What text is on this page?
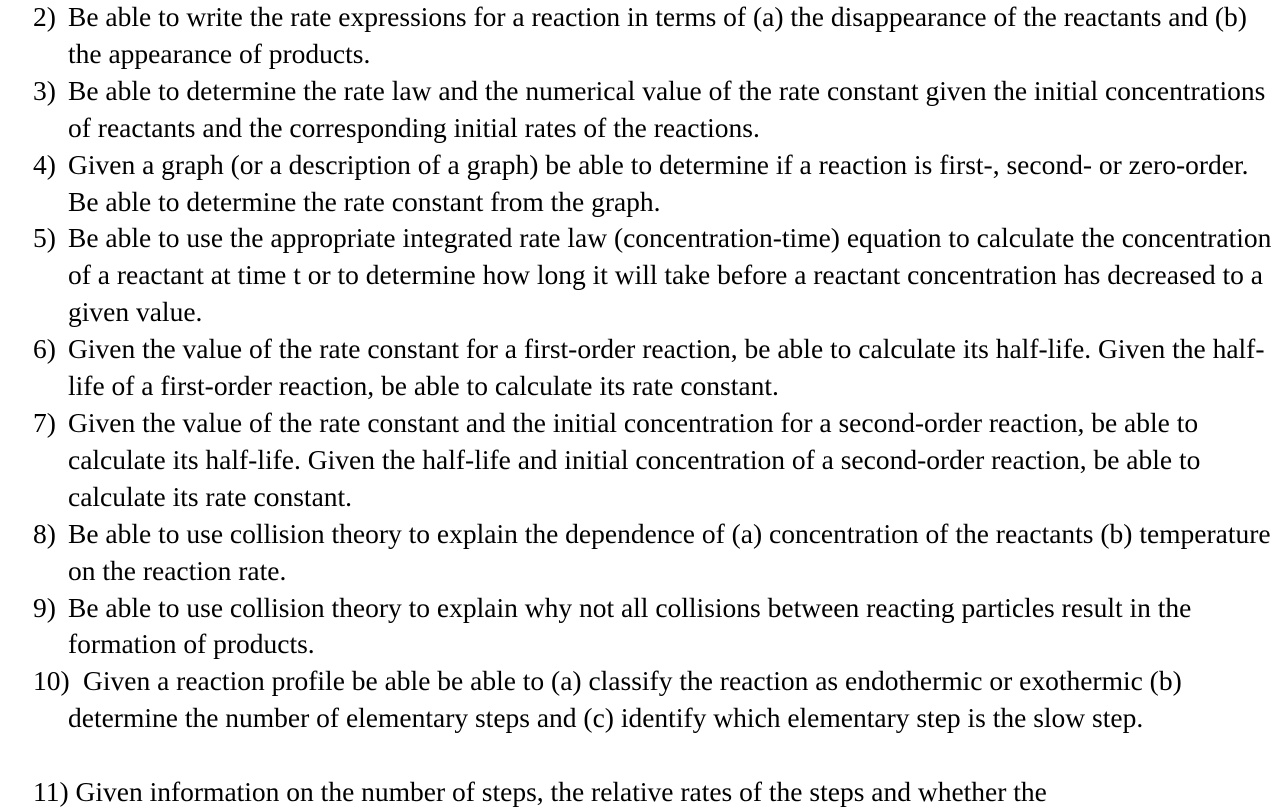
2) Be able to write the rate expressions for a reaction in terms of (a) the disappearance of the reactants and (b) the appearance of products.
3) Be able to determine the rate law and the numerical value of the rate constant given the initial concentrations of reactants and the corresponding initial rates of the reactions.
4) Given a graph (or a description of a graph) be able to determine if a reaction is first-, second- or zero-order. Be able to determine the rate constant from the graph.
5) Be able to use the appropriate integrated rate law (concentration-time) equation to calculate the concentration of a reactant at time t or to determine how long it will take before a reactant concentration has decreased to a given value.
6) Given the value of the rate constant for a first-order reaction, be able to calculate its half-life. Given the half-life of a first-order reaction, be able to calculate its rate constant.
7) Given the value of the rate constant and the initial concentration for a second-order reaction, be able to calculate its half-life. Given the half-life and initial concentration of a second-order reaction, be able to calculate its rate constant.
8) Be able to use collision theory to explain the dependence of (a) concentration of the reactants (b) temperature on the reaction rate.
9) Be able to use collision theory to explain why not all collisions between reacting particles result in the formation of products.
10) Given a reaction profile be able be able to (a) classify the reaction as endothermic or exothermic (b) determine the number of elementary steps and (c) identify which elementary step is the slow step.
11) Given information on the number of steps, the relative rates of the steps and whether the
